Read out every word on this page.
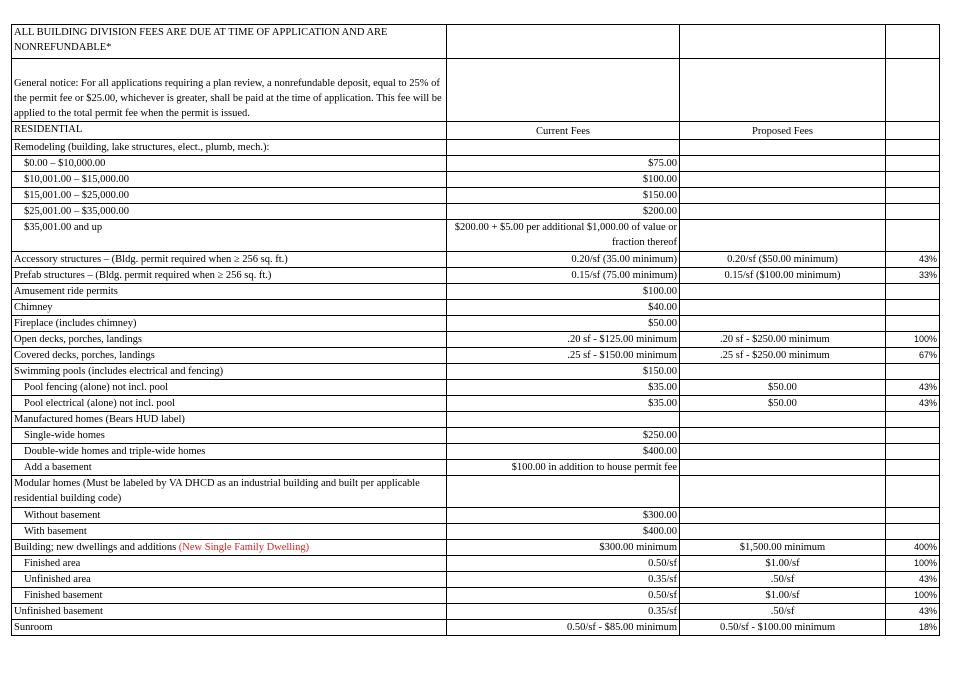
ALL BUILDING DIVISION FEES ARE DUE AT TIME OF APPLICATION AND ARE NONREFUNDABLE*			
General notice: For all applications requiring a plan review, a nonrefundable deposit, equal to 25% of the permit fee or $25.00, whichever is greater, shall be paid at the time of application. This fee will be applied to the total permit fee when the permit is issued.			
RESIDENTIAL	Current Fees	Proposed Fees	
Remodeling (building, lake structures, elect., plumb, mech.):			
$0.00 – $10,000.00	$75.00		
$10,001.00 – $15,000.00	$100.00		
$15,001.00 – $25,000.00	$150.00		
$25,001.00 – $35,000.00	$200.00		
$35,001.00 and up	$200.00 + $5.00 per additional $1,000.00 of value or fraction thereof		
Accessory structures – (Bldg. permit required when ≥ 256 sq. ft.)	0.20/sf (35.00 minimum)	0.20/sf ($50.00 minimum)	43%
Prefab structures – (Bldg. permit required when ≥ 256 sq. ft.)	0.15/sf (75.00 minimum)	0.15/sf ($100.00 minimum)	33%
Amusement ride permits	$100.00		
Chimney	$40.00		
Fireplace (includes chimney)	$50.00		
Open decks, porches, landings	.20 sf - $125.00 minimum	.20 sf - $250.00 minimum	100%
Covered decks, porches, landings	.25 sf - $150.00 minimum	.25 sf - $250.00 minimum	67%
Swimming pools (includes electrical and fencing)	$150.00		
Pool fencing (alone) not incl. pool	$35.00	$50.00	43%
Pool electrical (alone) not incl. pool	$35.00	$50.00	43%
Manufactured homes (Bears HUD label)			
Single-wide homes	$250.00		
Double-wide homes and triple-wide homes	$400.00		
Add a basement	$100.00 in addition to house permit fee		
Modular homes (Must be labeled by VA DHCD as an industrial building and built per applicable residential building code)			
Without basement	$300.00		
With basement	$400.00		
Building; new dwellings and additions (New Single Family Dwelling)	$300.00 minimum	$1,500.00 minimum	400%
Finished area	0.50/sf	$1.00/sf	100%
Unfinished area	0.35/sf	.50/sf	43%
Finished basement	0.50/sf	$1.00/sf	100%
Unfinished basement	0.35/sf	.50/sf	43%
Sunroom	0.50/sf - $85.00 minimum	0.50/sf - $100.00 minimum	18%
